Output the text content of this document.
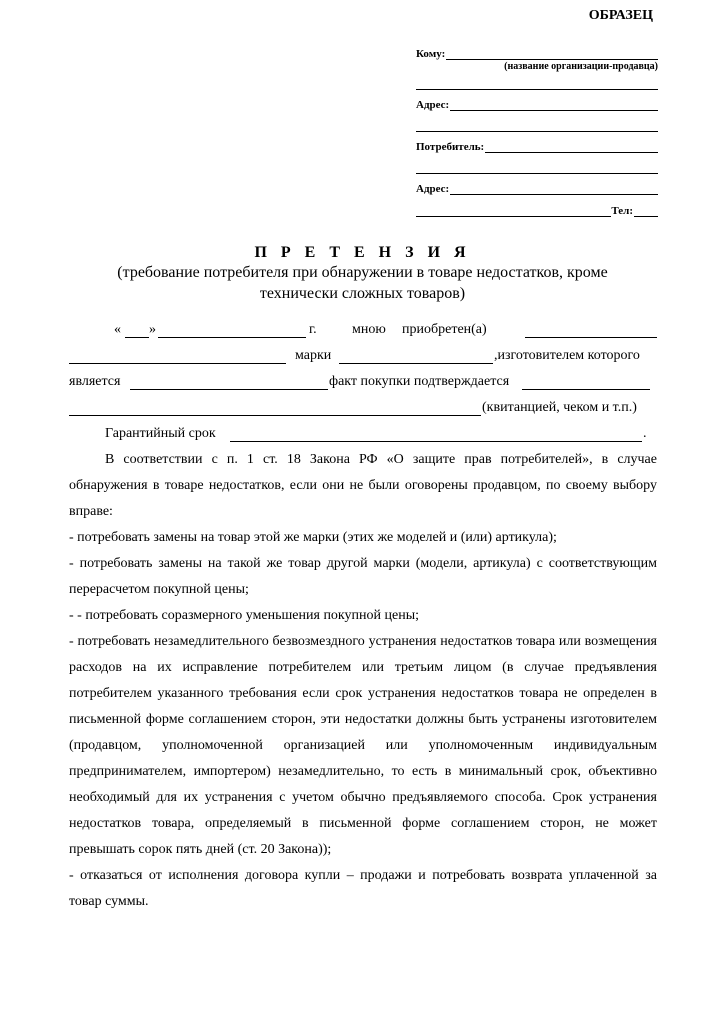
ОБРАЗЕЦ
Кому:
(название организации-продавца)
Адрес:
Потребитель:
Адрес:
Тел:
П Р Е Т Е Н З И Я
(требование потребителя при обнаружении в товаре недостатков, кроме технически сложных товаров)
« »	г.	мною приобретен(а)
марки	,изготовителем которого
является	факт покупки подтверждается
(квитанцией, чеком и т.п.)
Гарантийный срок	.
В соответствии с п. 1 ст. 18 Закона РФ «О защите прав потребителей», в случае обнаружения в товаре недостатков, если они не были оговорены продавцом, по своему выбору вправе:
- потребовать замены на товар этой же марки (этих же моделей и (или) артикула);
- потребовать замены на такой же товар другой марки (модели, артикула) с соответствующим перерасчетом покупной цены;
- - потребовать соразмерного уменьшения покупной цены;
- потребовать незамедлительного безвозмездного устранения недостатков товара или возмещения расходов на их исправление потребителем или третьим лицом (в случае предъявления потребителем указанного требования если срок устранения недостатков товара не определен в письменной форме соглашением сторон, эти недостатки должны быть устранены изготовителем (продавцом, уполномоченной организацией или уполномоченным индивидуальным предпринимателем, импортером) незамедлительно, то есть в минимальный срок, объективно необходимый для их устранения с учетом обычно предъявляемого способа. Срок устранения недостатков товара, определяемый в письменной форме соглашением сторон, не может превышать сорок пять дней (ст. 20 Закона));
- отказаться от исполнения договора купли – продажи и потребовать возврата уплаченной за товар суммы.
